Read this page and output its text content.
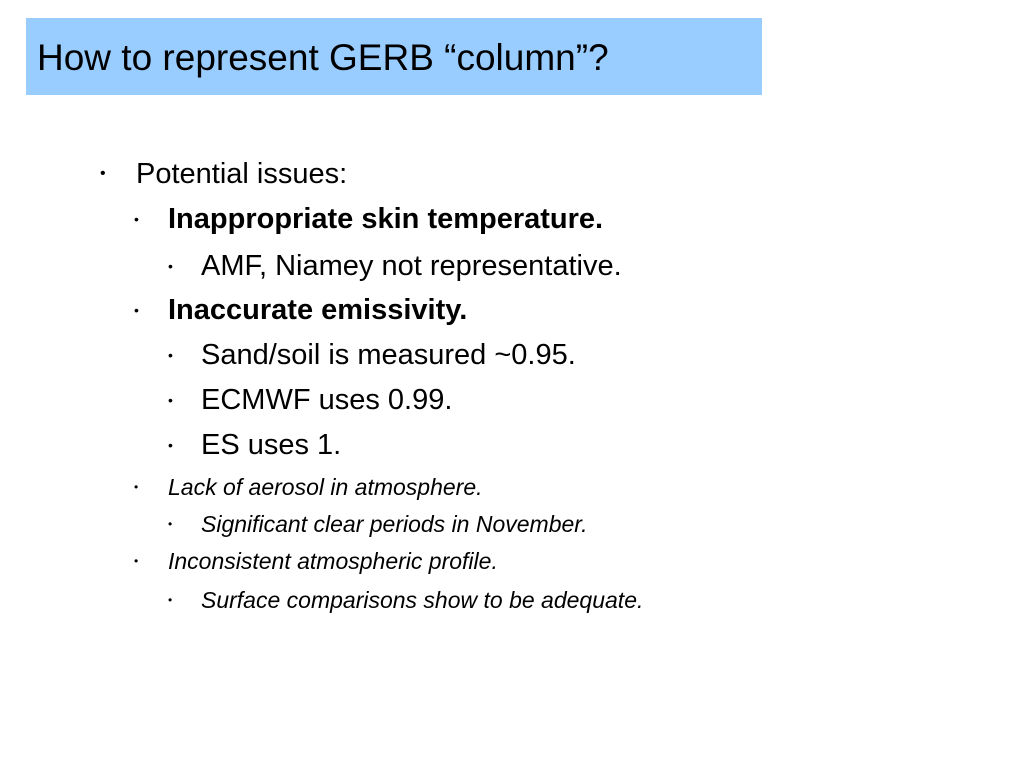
How to represent GERB “column”?
• Potential issues:
• Inappropriate skin temperature.
• AMF, Niamey not representative.
• Inaccurate emissivity.
• Sand/soil is measured ~0.95.
• ECMWF uses 0.99.
• ES uses 1.
• Lack of aerosol in atmosphere.
• Significant clear periods in November.
• Inconsistent atmospheric profile.
• Surface comparisons show to be adequate.
